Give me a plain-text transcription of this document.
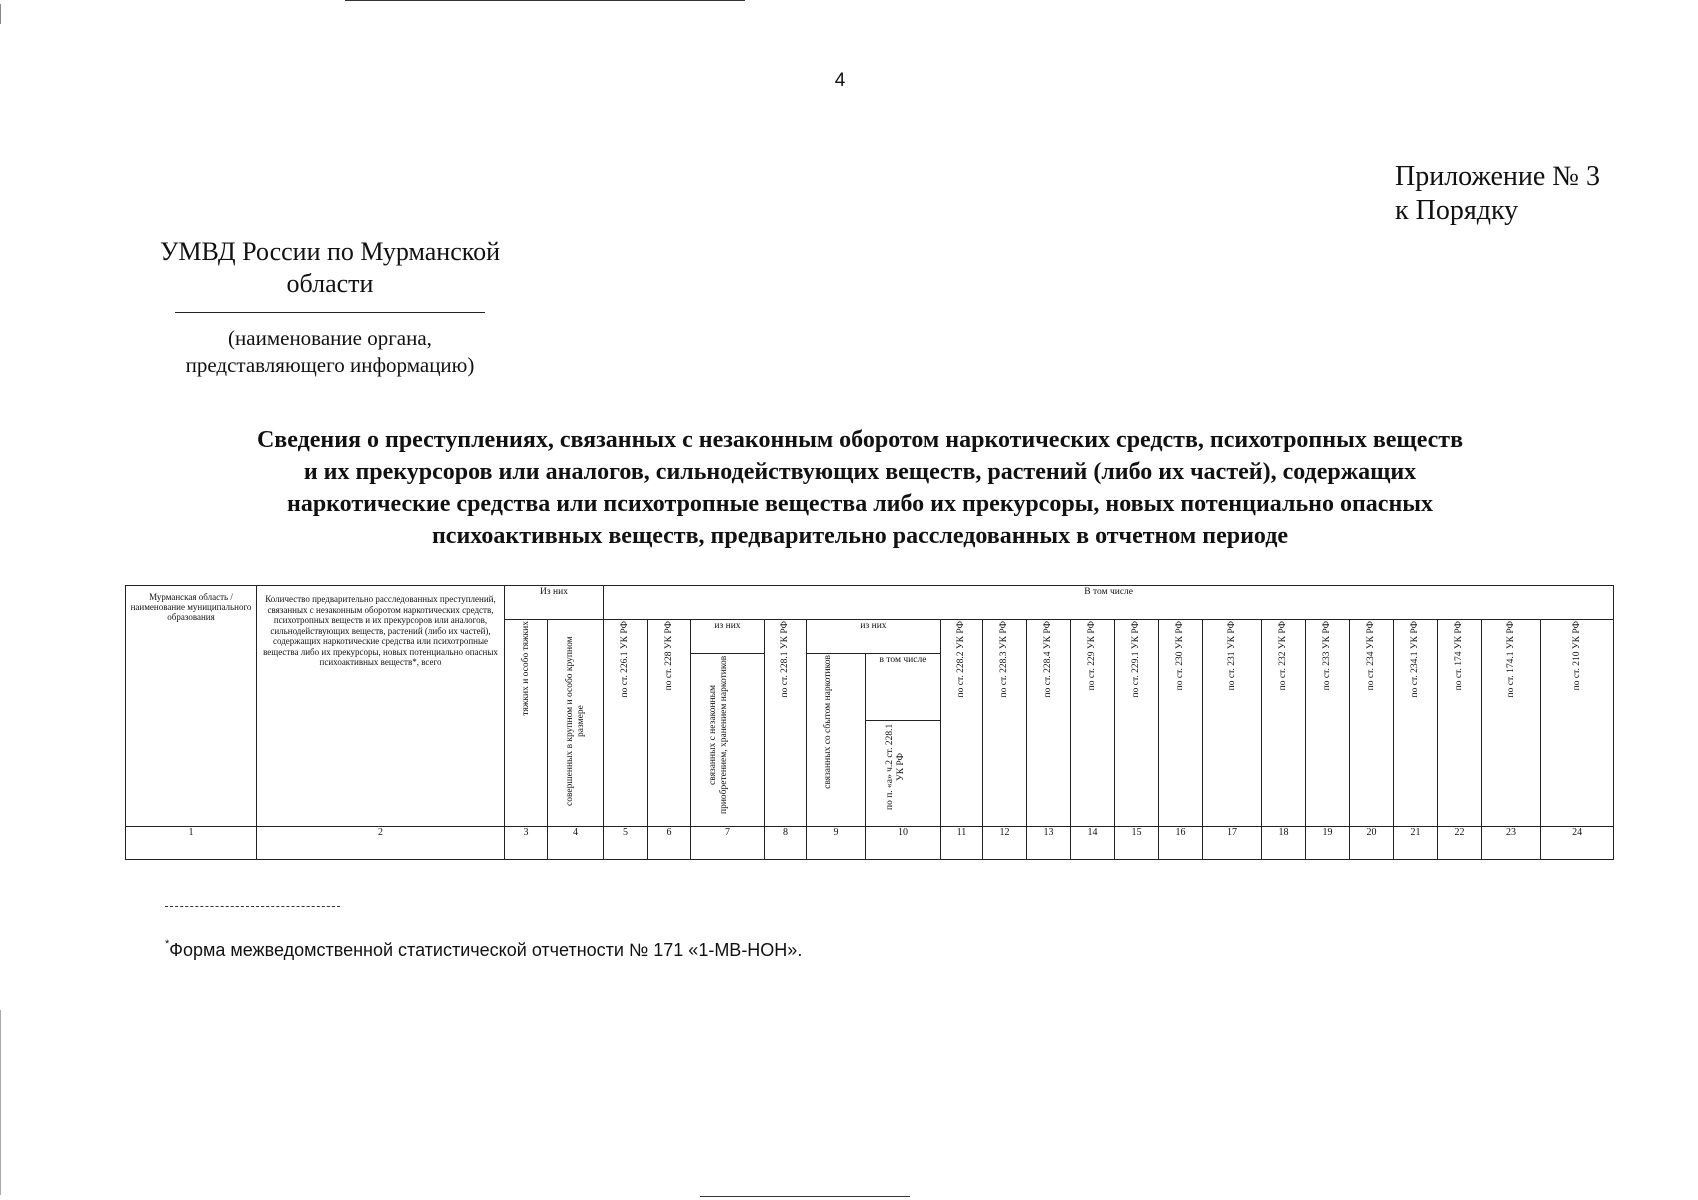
4
Приложение № 3
к Порядку
УМВД России по Мурманской
области
(наименование органа,
представляющего информацию)
Сведения о преступлениях, связанных с незаконным оборотом наркотических средств, психотропных веществ
и их прекурсоров или аналогов, сильнодействующих веществ, растений (либо их частей), содержащих
наркотические средства или психотропные вещества либо их прекурсоры, новых потенциально опасных
психоактивных веществ, предварительно расследованных в отчетном периоде
Мурманская область / наименование муниципального образования	Количество предварительно расследованных преступлений, связанных с незаконным оборотом наркотических средств, психотропных веществ и их прекурсоров или аналогов, сильнодействующих веществ, растений (либо их частей), содержащих наркотические средства или психотропные вещества либо их прекурсоры, новых потенциально опасных психоактивных веществ*, всего	Из них		В том числе																			
		тяжких и особо тяжких	совершенных в крупном и особо крупном размере	по ст. 226.1 УК РФ	по ст. 228 УК РФ	из них	по ст. 228.1 УК РФ	из них		по ст. 228.2 УК РФ	по ст. 228.3 УК РФ	по ст. 228.4 УК РФ	по ст. 229 УК РФ	по ст. 229.1 УК РФ	по ст. 230 УК РФ	по ст. 231 УК РФ	по ст. 232 УК РФ	по ст. 233 УК РФ	по ст. 234 УК РФ	по ст. 234.1 УК РФ	по ст. 174 УК РФ	по ст. 174.1 УК РФ	по ст. 210 УК РФ
						связанных с незаконным приобретением, хранением наркотиков		связанных со сбытом наркотиков	в том числе														
									по п. «а» ч.2 ст. 228.1 УК РФ														
1	2	3	4	5	6	7	8	9	10	11	12	13	14	15	16	17	18	19	20	21	22	23	24
*Форма межведомственной статистической отчетности № 171 «1-МВ-НОН».
